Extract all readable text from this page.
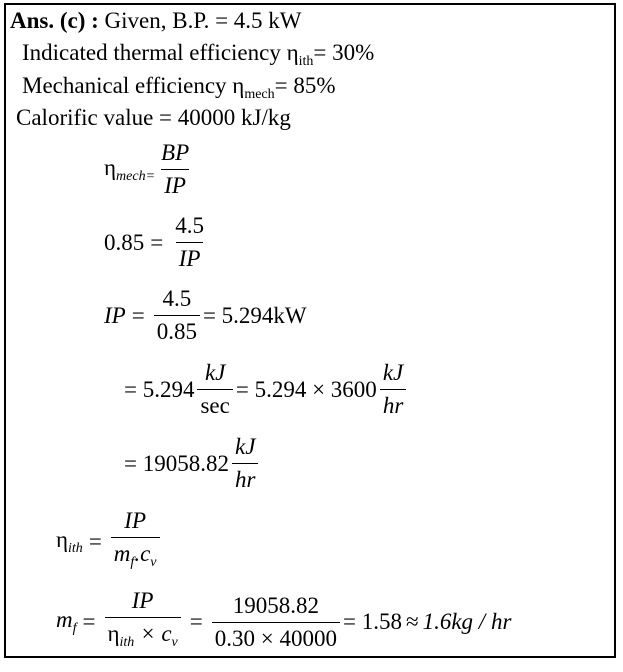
Ans. (c) : Given, B.P. = 4.5 kW
Indicated thermal efficiency $\eta_{ith}= 30\%$
Mechanical efficiency $\eta_{mech}= 85\%$
Calorific value = 40000 kJ/kg
$\eta_{mech=} \frac{BP}{IP}$
$0.85 = \frac{4.5}{IP}$
IP = $\frac{4.5}{0.85} = 5.294kW$
= $5.294 \frac{kJ}{\sec} = 5.294 \times 3600 \frac{kJ}{hr}$
= $19058.82 \frac{kJ}{hr}$
$\eta_{ith} = \frac{IP}{m_f.c_v}$
$m_f = \frac{IP}{\eta_{ith} \times c_v} = \frac{19058.82}{0.30 \times 40000} = 1.58 \approx 1.6kg$ / hr
